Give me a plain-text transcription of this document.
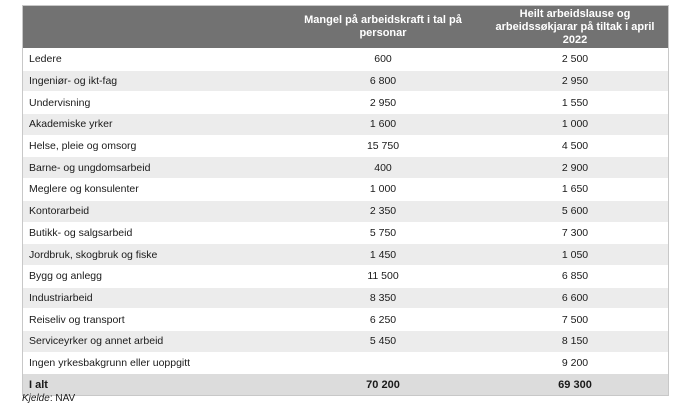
	Mangel på arbeidskraft i tal på personar	Heilt arbeidslause og arbeidssøkjarar på tiltak i april 2022
Ledere	600	2 500
Ingeniør- og ikt-fag	6 800	2 950
Undervisning	2 950	1 550
Akademiske yrker	1 600	1 000
Helse, pleie og omsorg	15 750	4 500
Barne- og ungdomsarbeid	400	2 900
Meglere og konsulenter	1 000	1 650
Kontorarbeid	2 350	5 600
Butikk- og salgsarbeid	5 750	7 300
Jordbruk, skogbruk og fiske	1 450	1 050
Bygg og anlegg	11 500	6 850
Industriarbeid	8 350	6 600
Reiseliv og transport	6 250	7 500
Serviceyrker og annet arbeid	5 450	8 150
Ingen yrkesbakgrunn eller uoppgitt		9 200
I alt	70 200	69 300
Kjelde: NAV
